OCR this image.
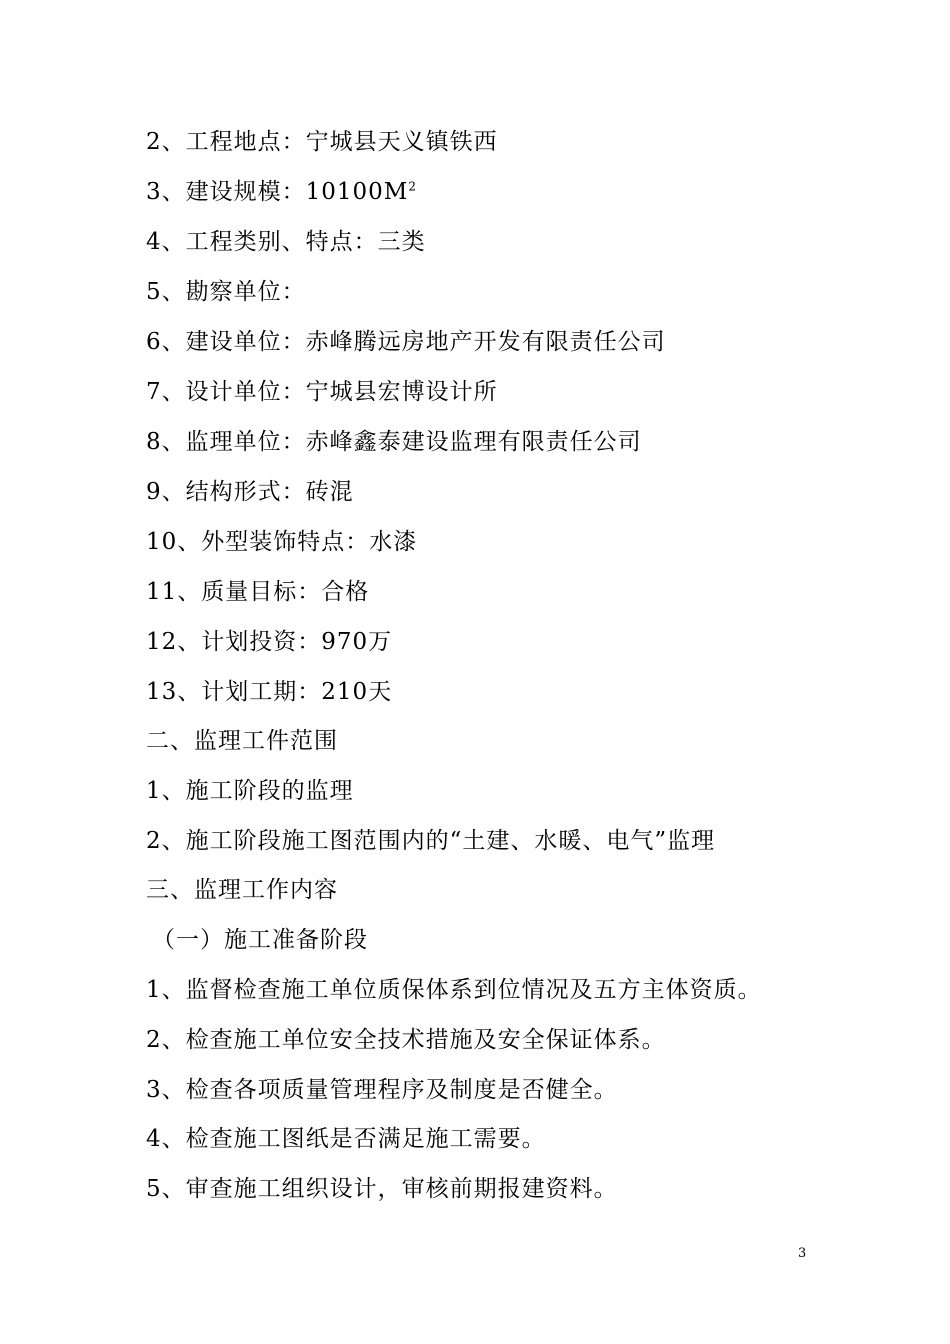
2、工程地点：宁城县天义镇铁西
3、建设规模：$10100M^2$
4、工程类别、特点：三类
5、勘察单位：
6、建设单位：赤峰腾远房地产开发有限责任公司
7、设计单位：宁城县宏博设计所
8、监理单位：赤峰鑫泰建设监理有限责任公司
9、结构形式：砖混
10、外型装饰特点：水漆
11、质量目标：合格
12、计划投资：970万
13、计划工期：210天
二、监理工件范围
1、施工阶段的监理
2、施工阶段施工图范围内的“土建、水暖、电气”监理
三、监理工作内容
（一）施工准备阶段
1、监督检查施工单位质保体系到位情况及五方主体资质。
2、检查施工单位安全技术措施及安全保证体系。
3、检查各项质量管理程序及制度是否健全。
4、检查施工图纸是否满足施工需要。
5、审查施工组织设计，审核前期报建资料。
3
